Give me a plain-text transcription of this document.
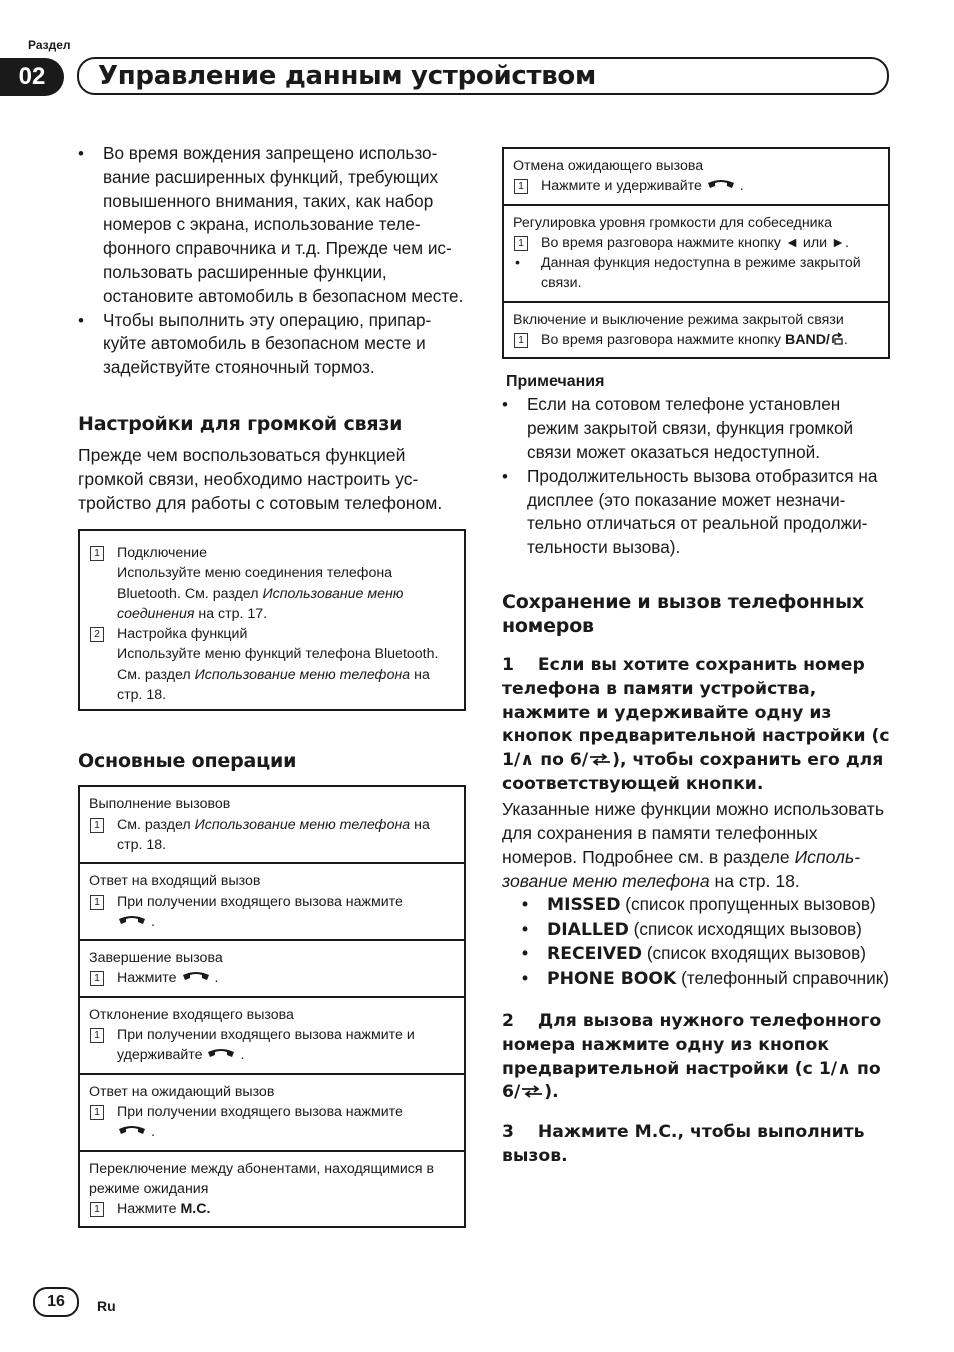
Раздел
02	Управление данным устройством
• Во время вождения запрещено использование расширенных функций, требующих повышенного внимания, таких, как набор номеров с экрана, использование телефонного справочника и т.д. Прежде чем использовать расширенные функции, остановите автомобиль в безопасном месте.
• Чтобы выполнить эту операцию, припаркуйте автомобиль в безопасном месте и задействуйте стояночный тормоз.
Настройки для громкой связи

Прежде чем воспользоваться функцией громкой связи, необходимо настроить устройство для работы с сотовым телефоном.

1 Подключение
Используйте меню соединения телефона Bluetooth. См. раздел Использование меню соединения на стр. 17.
2 Настройка функций
Используйте меню функций телефона Bluetooth. См. раздел Использование меню телефона на стр. 18.
Основные операции
Выполнение вызовов
1 См. раздел Использование меню телефона на стр. 18.
Ответ на входящий вызов
1 При получении входящего вызова нажмите
.
Завершение вызова
1 Нажмите	.
Отклонение входящего вызова
1 При получении входящего вызова нажмите и удерживайте	.
Ответ на ожидающий вызов
1 При получении входящего вызова нажмите
.
Переключение между абонентами, находящимися в режиме ожидания
1 Нажмите M.C.
Отмена ожидающего вызова
1 Нажмите и удерживайте	.
Регулировка уровня громкости для собеседника
1 Во время разговора нажмите кнопку ◄ или ►.
•	Данная функция недоступна в режиме закрытой связи.
Включение и выключение режима закрытой связи
1 Во время разговора нажмите кнопку BAND/ .
Примечания
• Если на сотовом телефоне установлен режим закрытой связи, функция громкой связи может оказаться недоступной.
• Продолжительность вызова отобразится на дисплее (это показание может незначительно отличаться от реальной продолжительности вызова).
Сохранение и вызов телефонных номеров

1 Если вы хотите сохранить номер телефона в памяти устройства, нажмите и удерживайте одну из кнопок предварительной настройки (с 1/∧ по 6/ ), чтобы сохранить его для соответствующей кнопки.

Указанные ниже функции можно использовать для сохранения в памяти телефонных номеров. Подробнее см. в разделе Использование меню телефона на стр. 18.

• MISSED (список пропущенных вызовов)
• DIALLED (список исходящих вызовов)
• RECEIVED (список входящих вызовов)
• PHONE BOOK (телефонный справочник)

2 Для вызова нужного телефонного номера нажмите одну из кнопок предварительной настройки (с 1/∧ по 6/ ).

3 Нажмите M.C., чтобы выполнить вызов.

16	Ru
